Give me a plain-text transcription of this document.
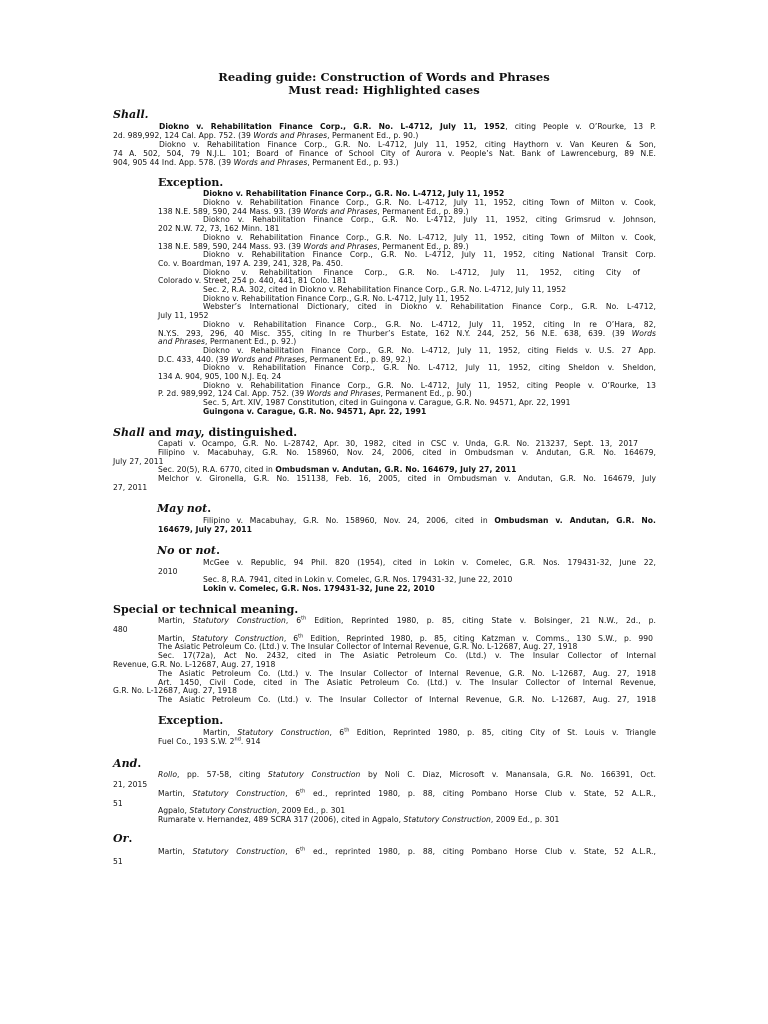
Reading guide: Construction of Words and Phrases
Must read: Highlighted cases
Shall.
Diokno v. Rehabilitation Finance Corp., G.R. No. L-4712, July 11, 1952, citing People v. O’Rourke, 13 P.
2d. 989,992, 124 Cal. App. 752. (39 Words and Phrases, Permanent Ed., p. 90.)
Diokno v. Rehabilitation Finance Corp., G.R. No. L-4712, July 11, 1952, citing Haythorn v. Van Keuren & Son,
74 A. 502, 504, 79 N.J.L. 101; Board of Finance of School City of Aurora v. People’s Nat. Bank of Lawrenceburg, 89 N.E.
904, 905 44 Ind. App. 578. (39 Words and Phrases, Permanent Ed., p. 93.)
Exception.
Diokno v. Rehabilitation Finance Corp., G.R. No. L-4712, July 11, 1952
Diokno v. Rehabilitation Finance Corp., G.R. No. L-4712, July 11, 1952, citing Town of Milton v. Cook,
138 N.E. 589, 590, 244 Mass. 93. (39 Words and Phrases, Permanent Ed., p. 89.)
Diokno v. Rehabilitation Finance Corp., G.R. No. L-4712, July 11, 1952, citing Grimsrud v. Johnson,
202 N.W. 72, 73, 162 Minn. 181
Diokno v. Rehabilitation Finance Corp., G.R. No. L-4712, July 11, 1952, citing Town of Milton v. Cook,
138 N.E. 589, 590, 244 Mass. 93. (39 Words and Phrases, Permanent Ed., p. 89.)
Diokno v. Rehabilitation Finance Corp., G.R. No. L-4712, July 11, 1952, citing National Transit Corp.
Co. v. Boardman, 197 A. 239, 241, 328, Pa. 450.
Diokno v. Rehabilitation Finance Corp., G.R. No. L-4712, July 11, 1952, citing City of
Colorado v. Street, 254 p. 440, 441, 81 Colo. 181
Sec. 2, R.A. 302, cited in Diokno v. Rehabilitation Finance Corp., G.R. No. L-4712, July 11, 1952
Diokno v. Rehabilitation Finance Corp., G.R. No. L-4712, July 11, 1952
Webster’s International Dictionary, cited in Diokno v. Rehabilitation Finance Corp., G.R. No. L-4712,
July 11, 1952
Diokno v. Rehabilitation Finance Corp., G.R. No. L-4712, July 11, 1952, citing In re O’Hara, 82,
N.Y.S. 293, 296, 40 Misc. 355, citing In re Thurber’s Estate, 162 N.Y. 244, 252, 56 N.E. 638, 639. (39 Words
and Phrases, Permanent Ed., p. 92.)
Diokno v. Rehabilitation Finance Corp., G.R. No. L-4712, July 11, 1952, citing Fields v. U.S. 27 App.
D.C. 433, 440. (39 Words and Phrases, Permanent Ed., p. 89, 92.)
Diokno v. Rehabilitation Finance Corp., G.R. No. L-4712, July 11, 1952, citing Sheldon v. Sheldon,
134 A. 904, 905, 100 N.J. Eq. 24
Diokno v. Rehabilitation Finance Corp., G.R. No. L-4712, July 11, 1952, citing People v. O’Rourke, 13
P. 2d. 989,992, 124 Cal. App. 752. (39 Words and Phrases, Permanent Ed., p. 90.)
Sec. 5, Art. XIV, 1987 Constitution, cited in Guingona v. Carague, G.R. No. 94571, Apr. 22, 1991
Guingona v. Carague, G.R. No. 94571, Apr. 22, 1991
Shall and may, distinguished.
Capati v. Ocampo, G.R. No. L-28742, Apr. 30, 1982, cited in CSC v. Unda, G.R. No. 213237, Sept. 13, 2017
Filipino v. Macabuhay, G.R. No. 158960, Nov. 24, 2006, cited in Ombudsman v. Andutan, G.R. No. 164679,
July 27, 2011
Sec. 20(5), R.A. 6770, cited in Ombudsman v. Andutan, G.R. No. 164679, July 27, 2011
Melchor v. Gironella, G.R. No. 151138, Feb. 16, 2005, cited in Ombudsman v. Andutan, G.R. No. 164679, July
27, 2011
May not.
Filipino v. Macabuhay, G.R. No. 158960, Nov. 24, 2006, cited in Ombudsman v. Andutan, G.R. No.
164679, July 27, 2011
No or not.
McGee v. Republic, 94 Phil. 820 (1954), cited in Lokin v. Comelec, G.R. Nos. 179431-32, June 22,
2010
Sec. 8, R.A. 7941, cited in Lokin v. Comelec, G.R. Nos. 179431-32, June 22, 2010
Lokin v. Comelec, G.R. Nos. 179431-32, June 22, 2010
Special or technical meaning.
Martin, Statutory Construction, 6th Edition, Reprinted 1980, p. 85, citing State v. Bolsinger, 21 N.W., 2d., p.
480
Martin, Statutory Construction, 6th Edition, Reprinted 1980, p. 85, citing Katzman v. Comms., 130 S.W., p. 990
The Asiatic Petroleum Co. (Ltd.) v. The Insular Collector of Internal Revenue, G.R. No. L-12687, Aug. 27, 1918
Sec. 17(72a), Act No. 2432, cited in The Asiatic Petroleum Co. (Ltd.) v. The Insular Collector of Internal
Revenue, G.R. No. L-12687, Aug. 27, 1918
The Asiatic Petroleum Co. (Ltd.) v. The Insular Collector of Internal Revenue, G.R. No. L-12687, Aug. 27, 1918
Art. 1450, Civil Code, cited in The Asiatic Petroleum Co. (Ltd.) v. The Insular Collector of Internal Revenue,
G.R. No. L-12687, Aug. 27, 1918
The Asiatic Petroleum Co. (Ltd.) v. The Insular Collector of Internal Revenue, G.R. No. L-12687, Aug. 27, 1918
Exception.
Martin, Statutory Construction, 6th Edition, Reprinted 1980, p. 85, citing City of St. Louis v. Triangle
Fuel Co., 193 S.W. 2nd. 914
And.
Rollo, pp. 57-58, citing Statutory Construction by Noli C. Diaz, Microsoft v. Manansala, G.R. No. 166391, Oct.
21, 2015
Martin, Statutory Construction, 6th ed., reprinted 1980, p. 88, citing Pombano Horse Club v. State, 52 A.L.R.,
51
Agpalo, Statutory Construction, 2009 Ed., p. 301
Rumarate v. Hernandez, 489 SCRA 317 (2006), cited in Agpalo, Statutory Construction, 2009 Ed., p. 301
Or.
Martin, Statutory Construction, 6th ed., reprinted 1980, p. 88, citing Pombano Horse Club v. State, 52 A.L.R.,
51
